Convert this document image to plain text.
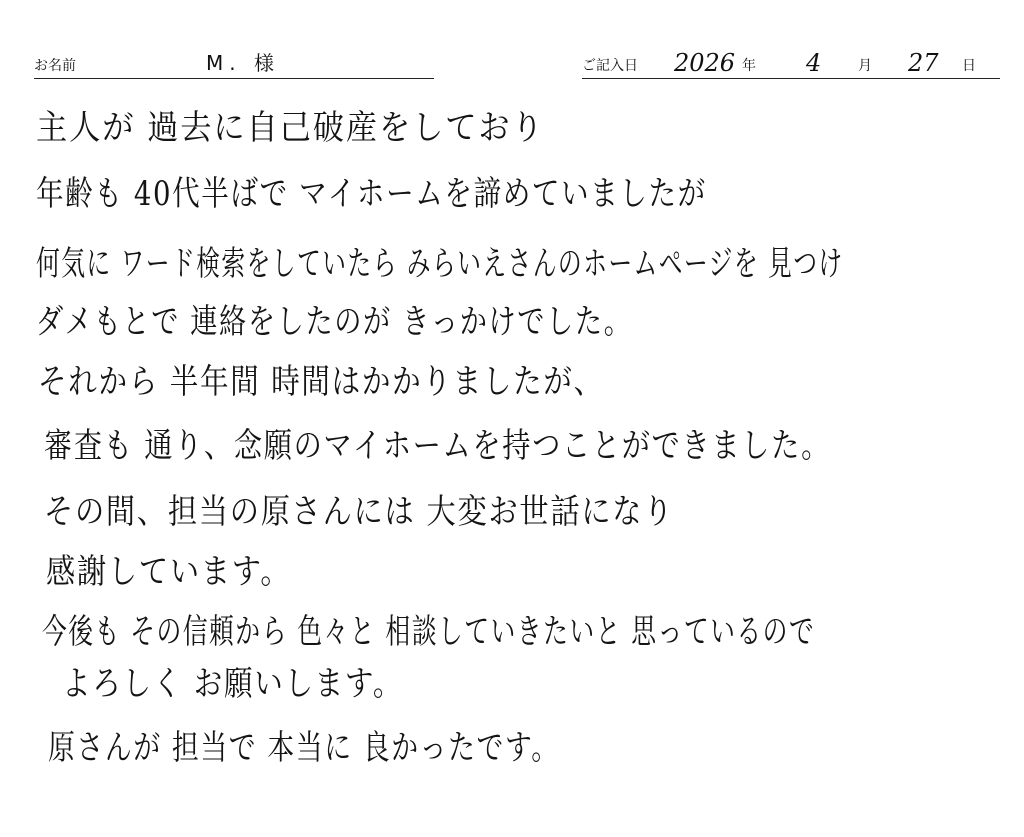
お名前	M. 様	ご記入日 2026 年 4	月 27 日
主人が 過去に自己破産をしており
年齢も 40代半ばで マイホームを諦めていましたが
何気に ワード検索をしていたら みらいえさんのホームページを 見つけ
ダメもとで 連絡をしたのが きっかけでした。
それから 半年間 時間はかかりましたが、
審査も 通り、念願のマイホームを持つことができました。
その間、担当の原さんには 大変お世話になり
感謝しています。
今後も その信頼から 色々と 相談していきたいと 思っているので
よろしく お願いします。
原さんが 担当で 本当に 良かったです。
